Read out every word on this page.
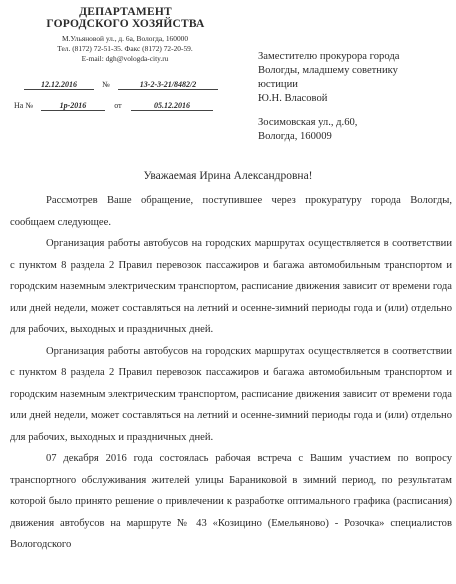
ДЕПАРТАМЕНТ
ГОРОДСКОГО ХОЗЯЙСТВА
М.Ульяновой ул., д. 6а, Вологда, 160000
Тел. (8172) 72-51-35. Факс (8172) 72-20-59.
E-mail: dgh@vologda-city.ru
12.12.2016	№	13-2-3-21/8482/2
На №	1р-2016	от	05.12.2016
Заместителю прокурора города
Вологды, младшему советнику
юстиции
Ю.Н. Власовой
Зосимовская ул., д.60,
Вологда, 160009
Уважаемая Ирина Александровна!

Рассмотрев Ваше обращение, поступившее через прокуратуру города Вологды, сообщаем следующее.

Организация работы автобусов на городских маршрутах осуществляется в соответствии с пунктом 8 раздела 2 Правил перевозок пассажиров и багажа автомобильным транспортом и городским наземным электрическим транспортом, расписание движения зависит от времени года или дней недели, может составляться на летний и осенне-зимний периоды года и (или) отдельно для рабочих, выходных и праздничных дней.

Организация работы автобусов на городских маршрутах осуществляется в соответствии с пунктом 8 раздела 2 Правил перевозок пассажиров и багажа автомобильным транспортом и городским наземным электрическим транспортом, расписание движения зависит от времени года или дней недели, может составляться на летний и осенне-зимний периоды года и (или) отдельно для рабочих, выходных и праздничных дней.

07 декабря 2016 года состоялась рабочая встреча с Вашим участием по вопросу транспортного обслуживания жителей улицы Бараниковой в зимний период, по результатам которой было принято решение о привлечении к разработке оптимального графика (расписания) движения автобусов на маршруте № 43 «Козицино (Емельяново) - Розочка» специалистов Вологодского
